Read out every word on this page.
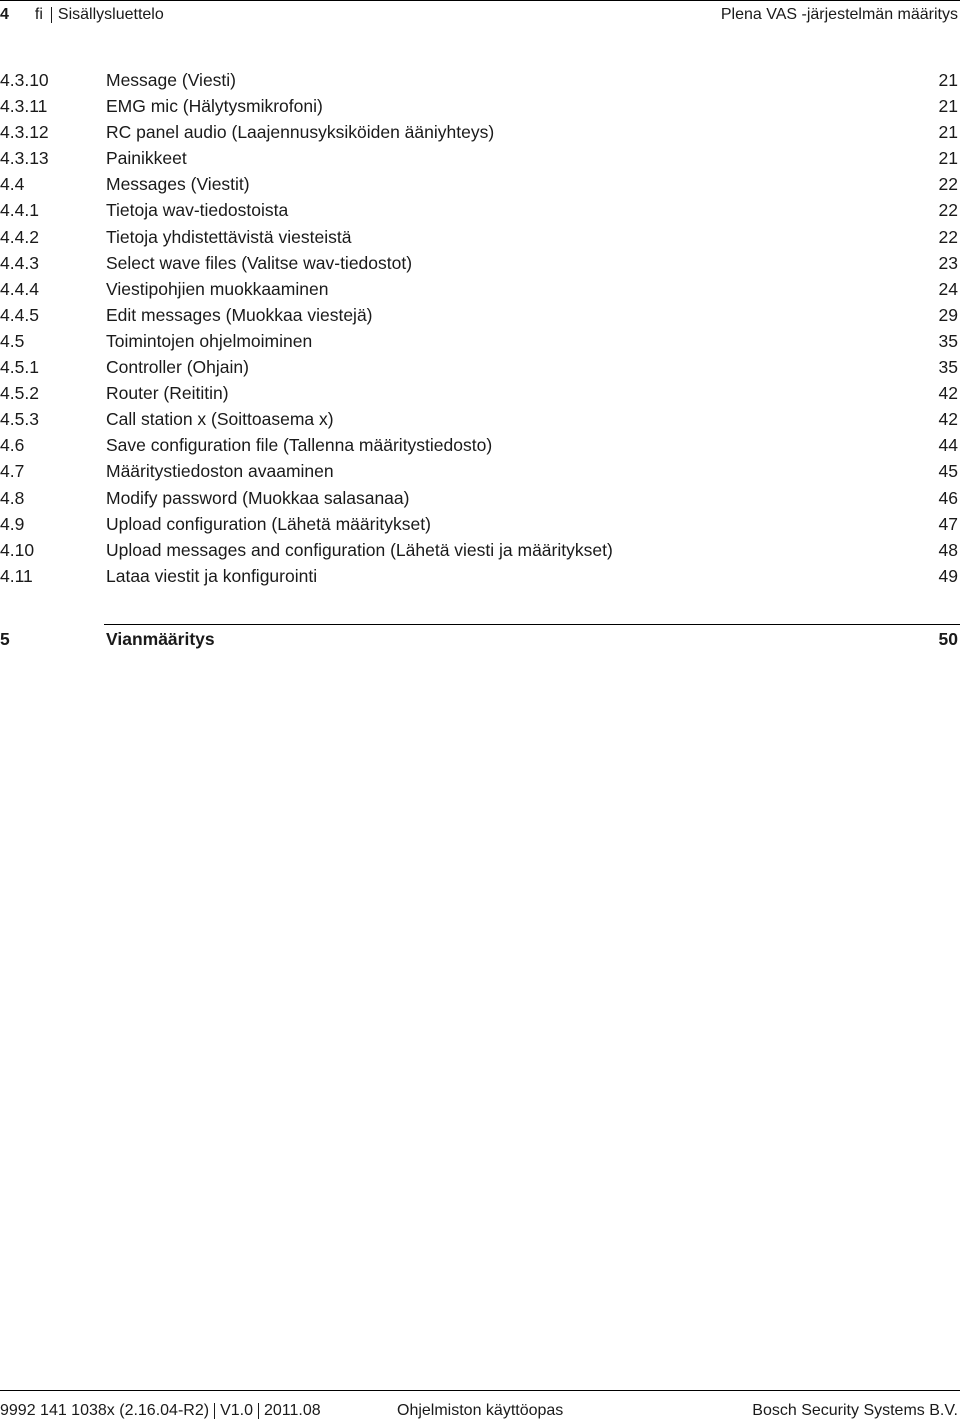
4 fi Sisällysluettelo	Plena VAS -järjestelmän määritys
4.3.10	Message (Viesti)	21
4.3.11	EMG mic (Hälytysmikrofoni)	21
4.3.12	RC panel audio (Laajennusyksiköiden ääniyhteys)	21
4.3.13	Painikkeet	21
4.4	Messages (Viestit)	22
4.4.1	Tietoja wav-tiedostoista	22
4.4.2	Tietoja yhdistettävistä viesteistä	22
4.4.3	Select wave files (Valitse wav-tiedostot)	23
4.4.4	Viestipohjien muokkaaminen	24
4.4.5	Edit messages (Muokkaa viestejä)	29
4.5	Toimintojen ohjelmoiminen	35
4.5.1	Controller (Ohjain)	35
4.5.2	Router (Reititin)	42
4.5.3	Call station x (Soittoasema x)	42
4.6	Save configuration file (Tallenna määritystiedosto)	44
4.7	Määritystiedoston avaaminen	45
4.8	Modify password (Muokkaa salasanaa)	46
4.9	Upload configuration (Lähetä määritykset)	47
4.10	Upload messages and configuration (Lähetä viesti ja määritykset)	48
4.11	Lataa viestit ja konfigurointi	49
5	Vianmääritys	50
9992 141 1038x
(2.16.04-R2) V1.0 2011.08	Ohjelmiston käyttöopas	Bosch Security Systems B.V.
